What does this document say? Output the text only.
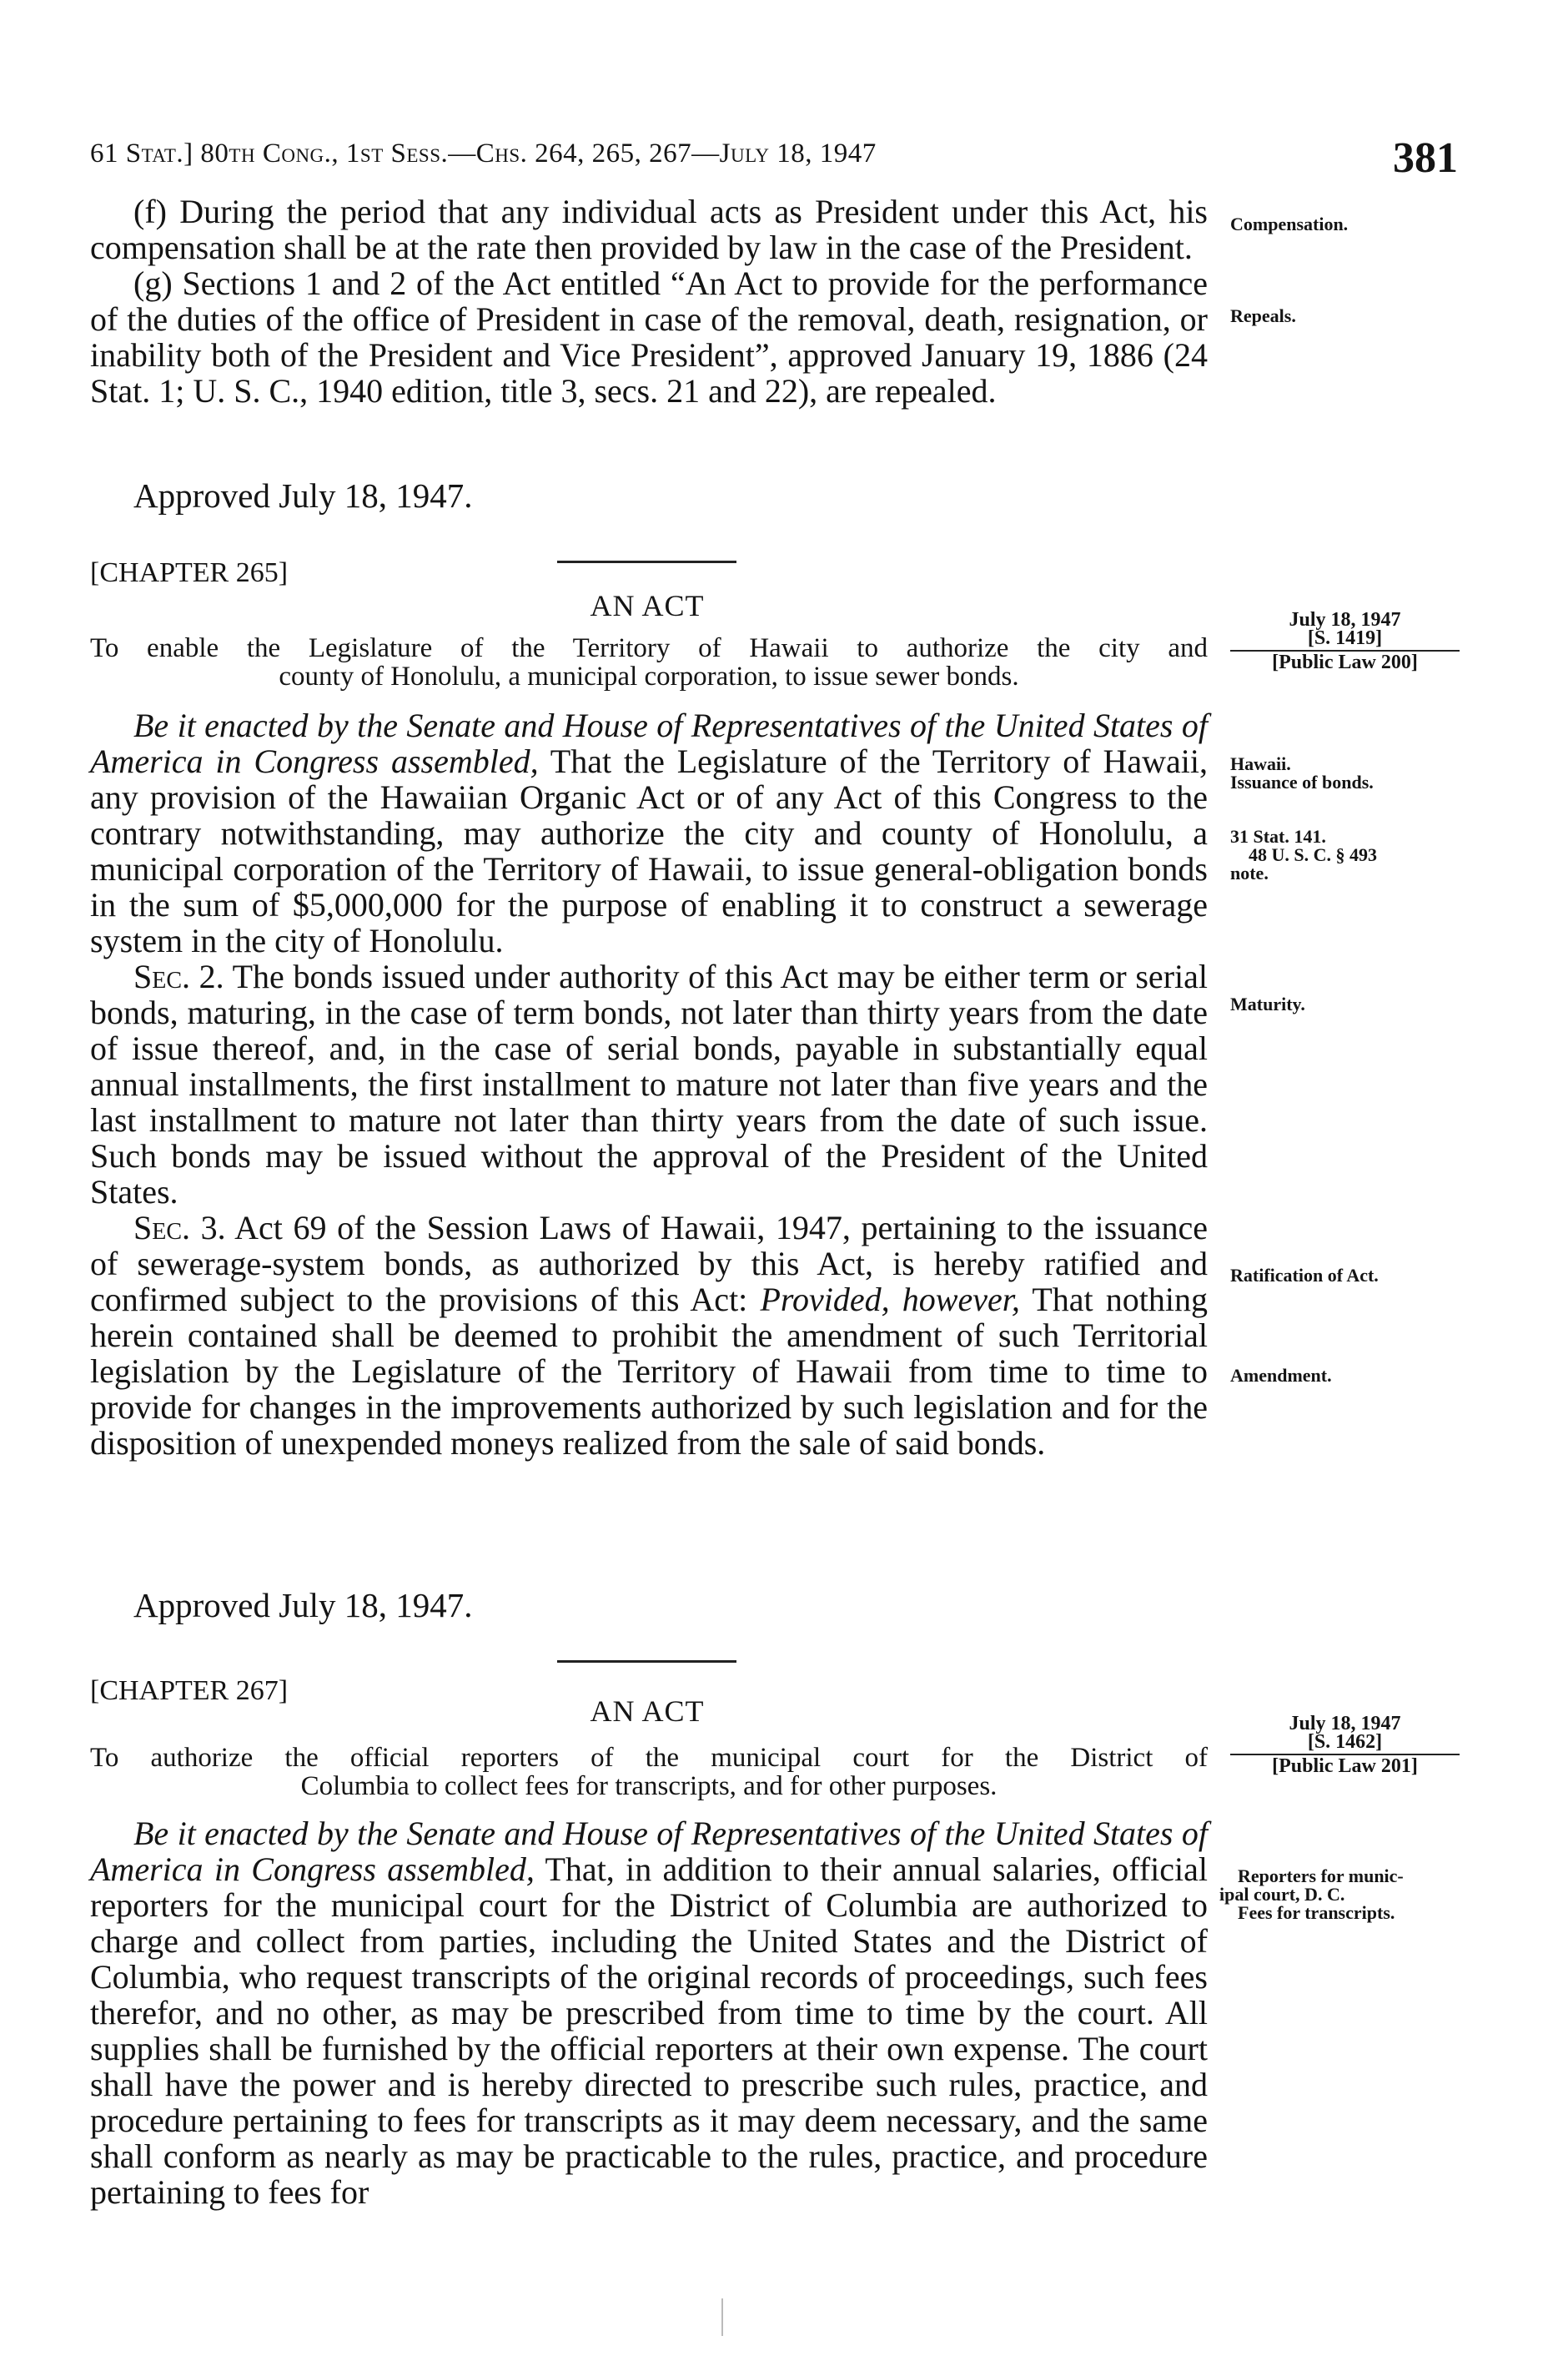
61 Stat.] 80th Cong., 1st Sess.—Chs. 264, 265, 267—July 18, 1947	381

(f) During the period that any individual acts as President under this Act, his compensation shall be at the rate then provided by law in the case of the President.

(g) Sections 1 and 2 of the Act entitled “An Act to provide for the performance of the duties of the office of President in case of the removal, death, resignation, or inability both of the President and Vice President”, approved January 19, 1886 (24 Stat. 1; U. S. C., 1940 edition, title 3, secs. 21 and 22), are repealed.

Approved July 18, 1947.
Compensation.
Repeals.
[CHAPTER 265]
AN ACT
To enable the Legislature of the Territory of Hawaii to authorize the city and
county of Honolulu, a municipal corporation, to issue sewer bonds.
July 18, 1947
[S. 1419]
[Public Law 200]

Be it enacted by the Senate and House of Representatives of the United States of America in Congress assembled, That the Legislature of the Territory of Hawaii, any provision of the Hawaiian Organic Act or of any Act of this Congress to the contrary notwithstanding, may authorize the city and county of Honolulu, a municipal corporation of the Territory of Hawaii, to issue general-obligation bonds in the sum of $5,000,000 for the purpose of enabling it to construct a sewerage system in the city of Honolulu.

Sec. 2. The bonds issued under authority of this Act may be either term or serial bonds, maturing, in the case of term bonds, not later than thirty years from the date of issue thereof, and, in the case of serial bonds, payable in substantially equal annual installments, the first installment to mature not later than five years and the last installment to mature not later than thirty years from the date of such issue. Such bonds may be issued without the approval of the President of the United States.

Sec. 3. Act 69 of the Session Laws of Hawaii, 1947, pertaining to the issuance of sewerage-system bonds, as authorized by this Act, is hereby ratified and confirmed subject to the provisions of this Act: Provided, however, That nothing herein contained shall be deemed to prohibit the amendment of such Territorial legislation by the Legislature of the Territory of Hawaii from time to time to provide for changes in the improvements authorized by such legislation and for the disposition of unexpended moneys realized from the sale of said bonds.

Approved July 18, 1947.
Hawaii.
Issuance of bonds.
31 Stat. 141.
48 U. S. C. § 493
note.
Maturity.
Ratification of Act.
Amendment.
[CHAPTER 267]
AN ACT
To authorize the official reporters of the municipal court for the District of
Columbia to collect fees for transcripts, and for other purposes.
July 18, 1947
[S. 1462]
[Public Law 201]

Be it enacted by the Senate and House of Representatives of the United States of America in Congress assembled, That, in addition to their annual salaries, official reporters for the municipal court for the District of Columbia are authorized to charge and collect from parties, including the United States and the District of Columbia, who request transcripts of the original records of proceedings, such fees therefor, and no other, as may be prescribed from time to time by the court. All supplies shall be furnished by the official reporters at their own expense. The court shall have the power and is hereby directed to prescribe such rules, practice, and procedure pertaining to fees for transcripts as it may deem necessary, and the same shall conform as nearly as may be practicable to the rules, practice, and procedure pertaining to fees for

Reporters for munic-
ipal court, D. C.
Fees for transcripts.
